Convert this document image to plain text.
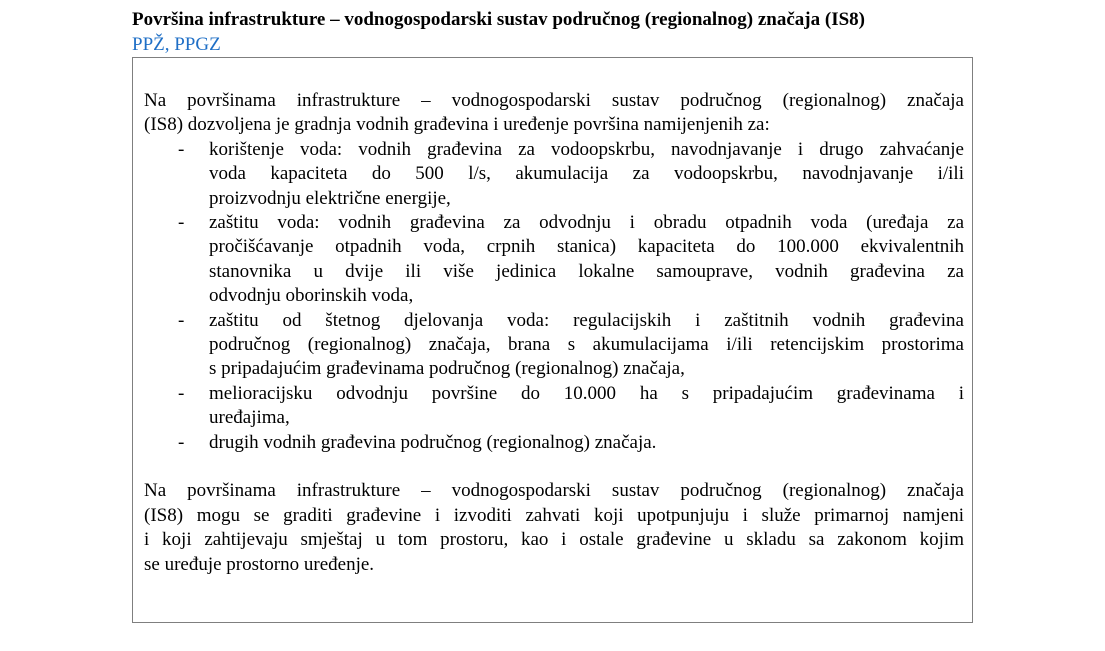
Površina infrastrukture – vodnogospodarski sustav područnog (regionalnog) značaja (IS8)
PPŽ, PPGZ
Na površinama infrastrukture – vodnogospodarski sustav područnog (regionalnog) značaja
(IS8) dozvoljena je gradnja vodnih građevina i uređenje površina namijenjenih za:
- korištenje voda: vodnih građevina za vodoopskrbu, navodnjavanje i drugo zahvaćanje
voda kapaciteta do 500 l/s, akumulacija za vodoopskrbu, navodnjavanje i/ili
proizvodnju električne energije,
- zaštitu voda: vodnih građevina za odvodnju i obradu otpadnih voda (uređaja za
pročišćavanje otpadnih voda, crpnih stanica) kapaciteta do 100.000 ekvivalentnih
stanovnika u dvije ili više jedinica lokalne samouprave, vodnih građevina za
odvodnju oborinskih voda,
- zaštitu od štetnog djelovanja voda: regulacijskih i zaštitnih vodnih građevina
područnog (regionalnog) značaja, brana s akumulacijama i/ili retencijskim prostorima
s pripadajućim građevinama područnog (regionalnog) značaja,
- melioracijsku odvodnju površine do 10.000 ha s pripadajućim građevinama i
uređajima,
- drugih vodnih građevina područnog (regionalnog) značaja.
Na površinama infrastrukture – vodnogospodarski sustav područnog (regionalnog) značaja
(IS8) mogu se graditi građevine i izvoditi zahvati koji upotpunjuju i služe primarnoj namjeni
i koji zahtijevaju smještaj u tom prostoru, kao i ostale građevine u skladu sa zakonom kojim
se uređuje prostorno uređenje.
